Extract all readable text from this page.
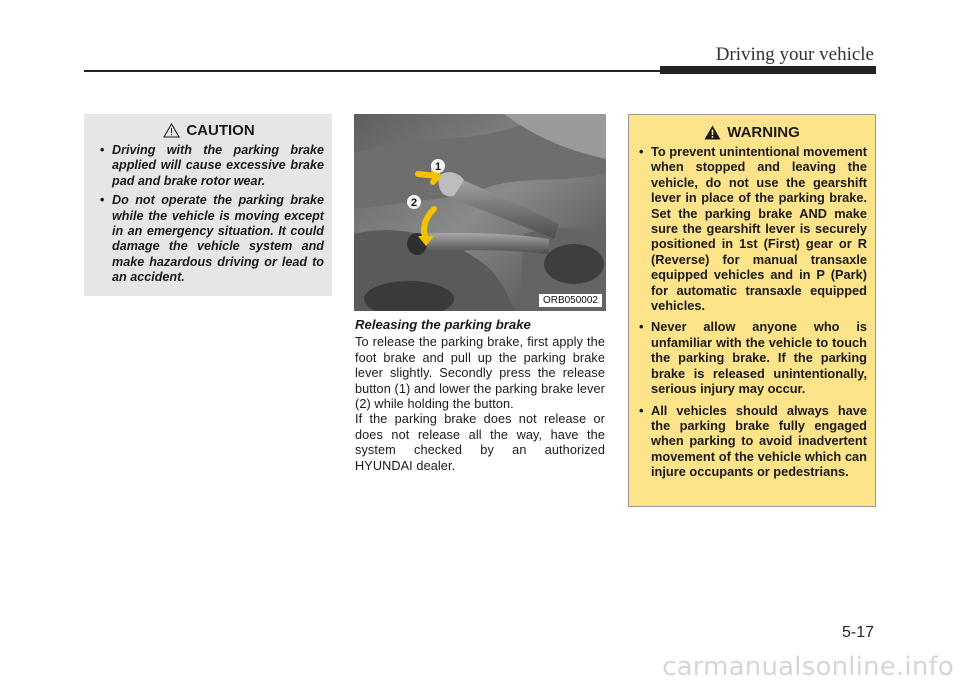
Driving your vehicle
CAUTION
• Driving with the parking brake applied will cause excessive brake pad and brake rotor wear.
• Do not operate the parking brake while the vehicle is moving except in an emergency situation. It could damage the vehicle system and make hazardous driving or lead to an accident.
1
2
ORB050002
Releasing the parking brake

To release the parking brake, first apply the foot brake and pull up the parking brake lever slightly. Secondly press the release button (1) and lower the parking brake lever (2) while holding the button.

If the parking brake does not release or does not release all the way, have the system checked by an authorized HYUNDAI dealer.

WARNING
• To prevent unintentional movement when stopped and leaving the vehicle, do not use the gearshift lever in place of the parking brake. Set the parking brake AND make sure the gearshift lever is securely positioned in 1st (First) gear or R (Reverse) for manual transaxle equipped vehicles and in P (Park) for automatic transaxle equipped vehicles.
• Never allow anyone who is unfamiliar with the vehicle to touch the parking brake. If the parking brake is released unintentionally, serious injury may occur.
• All vehicles should always have the parking brake fully engaged when parking to avoid inadvertent movement of the vehicle which can injure occupants or pedestrians.
5-17
carmanualsonline.info
